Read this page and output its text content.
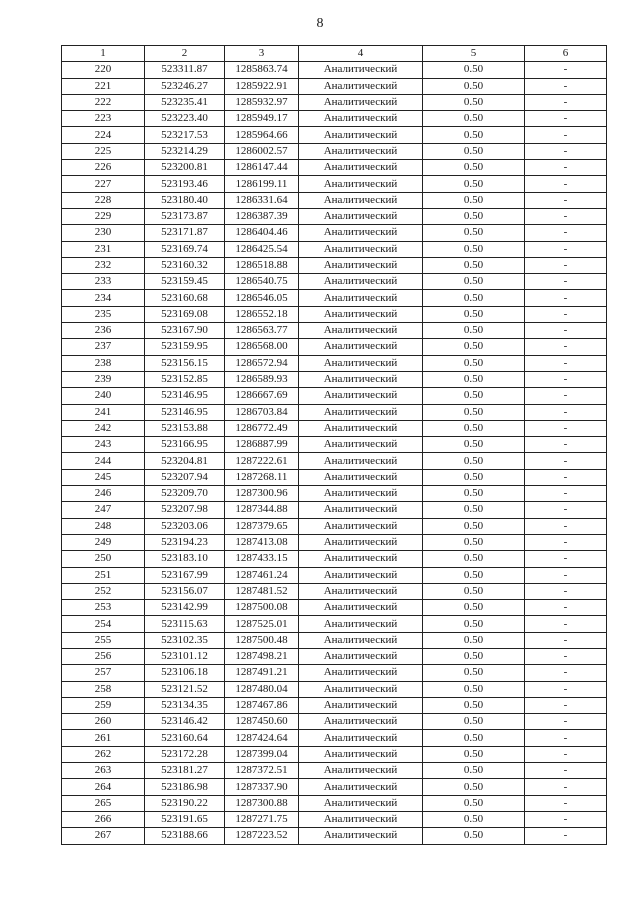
8
1	2	3	4	5	6
220	523311.87	1285863.74	Аналитический	0.50	-
221	523246.27	1285922.91	Аналитический	0.50	-
222	523235.41	1285932.97	Аналитический	0.50	-
223	523223.40	1285949.17	Аналитический	0.50	-
224	523217.53	1285964.66	Аналитический	0.50	-
225	523214.29	1286002.57	Аналитический	0.50	-
226	523200.81	1286147.44	Аналитический	0.50	-
227	523193.46	1286199.11	Аналитический	0.50	-
228	523180.40	1286331.64	Аналитический	0.50	-
229	523173.87	1286387.39	Аналитический	0.50	-
230	523171.87	1286404.46	Аналитический	0.50	-
231	523169.74	1286425.54	Аналитический	0.50	-
232	523160.32	1286518.88	Аналитический	0.50	-
233	523159.45	1286540.75	Аналитический	0.50	-
234	523160.68	1286546.05	Аналитический	0.50	-
235	523169.08	1286552.18	Аналитический	0.50	-
236	523167.90	1286563.77	Аналитический	0.50	-
237	523159.95	1286568.00	Аналитический	0.50	-
238	523156.15	1286572.94	Аналитический	0.50	-
239	523152.85	1286589.93	Аналитический	0.50	-
240	523146.95	1286667.69	Аналитический	0.50	-
241	523146.95	1286703.84	Аналитический	0.50	-
242	523153.88	1286772.49	Аналитический	0.50	-
243	523166.95	1286887.99	Аналитический	0.50	-
244	523204.81	1287222.61	Аналитический	0.50	-
245	523207.94	1287268.11	Аналитический	0.50	-
246	523209.70	1287300.96	Аналитический	0.50	-
247	523207.98	1287344.88	Аналитический	0.50	-
248	523203.06	1287379.65	Аналитический	0.50	-
249	523194.23	1287413.08	Аналитический	0.50	-
250	523183.10	1287433.15	Аналитический	0.50	-
251	523167.99	1287461.24	Аналитический	0.50	-
252	523156.07	1287481.52	Аналитический	0.50	-
253	523142.99	1287500.08	Аналитический	0.50	-
254	523115.63	1287525.01	Аналитический	0.50	-
255	523102.35	1287500.48	Аналитический	0.50	-
256	523101.12	1287498.21	Аналитический	0.50	-
257	523106.18	1287491.21	Аналитический	0.50	-
258	523121.52	1287480.04	Аналитический	0.50	-
259	523134.35	1287467.86	Аналитический	0.50	-
260	523146.42	1287450.60	Аналитический	0.50	-
261	523160.64	1287424.64	Аналитический	0.50	-
262	523172.28	1287399.04	Аналитический	0.50	-
263	523181.27	1287372.51	Аналитический	0.50	-
264	523186.98	1287337.90	Аналитический	0.50	-
265	523190.22	1287300.88	Аналитический	0.50	-
266	523191.65	1287271.75	Аналитический	0.50	-
267	523188.66	1287223.52	Аналитический	0.50	-
